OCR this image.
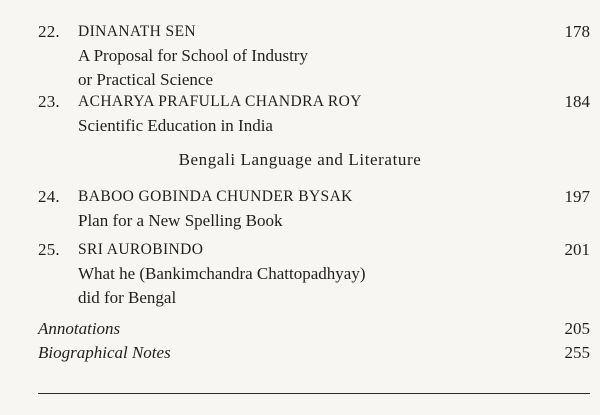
22. DINANATH SEN
A Proposal for School of Industry
or Practical Science
178
23. ACHARYA PRAFULLA CHANDRA ROY
Scientific Education in India
184
Bengali Language and Literature
24. BABOO GOBINDA CHUNDER BYSAK
Plan for a New Spelling Book
197
25. SRI AUROBINDO
What he (Bankimchandra Chattopadhyay)
did for Bengal
201
Annotations	205
Biographical Notes	255
